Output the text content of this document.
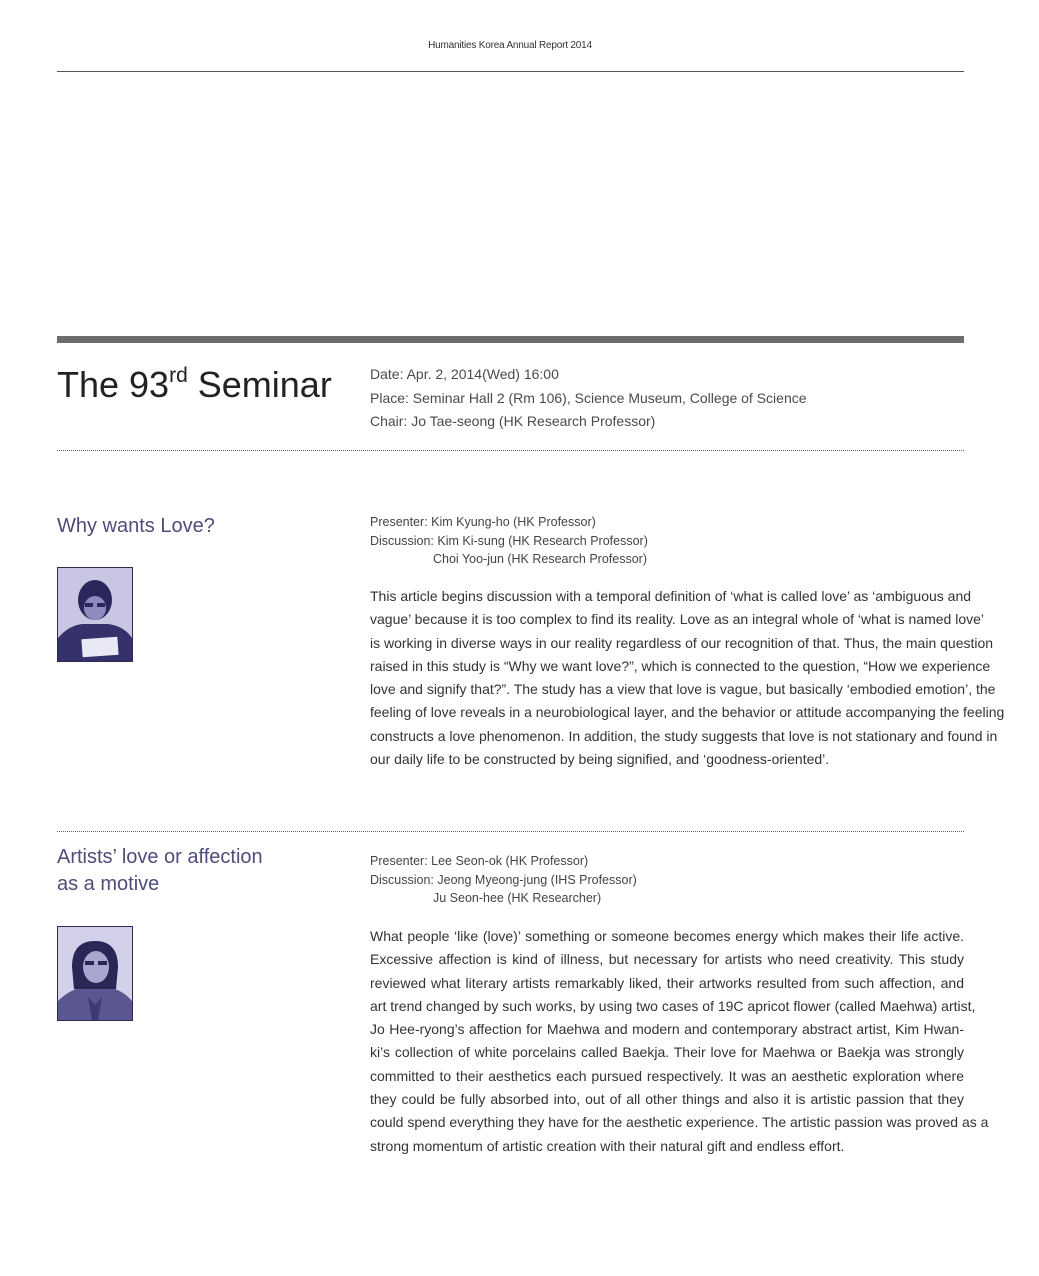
Humanities Korea Annual Report 2014
The 93rd Seminar	Date: Apr. 2, 2014(Wed) 16:00
Place: Seminar Hall 2 (Rm 106), Science Museum, College of Science
Chair: Jo Tae-seong (HK Research Professor)
Why wants Love?	Presenter: Kim Kyung-ho (HK Professor)
Discussion: Kim Ki-sung (HK Research Professor)
Choi Yoo-jun (HK Research Professor)
This article begins discussion with a temporal definition of ‘what is called love’ as ‘ambiguous and
vague’ because it is too complex to find its reality. Love as an integral whole of ‘what is named love’
is working in diverse ways in our reality regardless of our recognition of that. Thus, the main question
raised in this study is “Why we want love?”, which is connected to the question, “How we experience
love and signify that?”. The study has a view that love is vague, but basically ‘embodied emotion’, the
feeling of love reveals in a neurobiological layer, and the behavior or attitude accompanying the feeling
constructs a love phenomenon. In addition, the study suggests that love is not stationary and found in
our daily life to be constructed by being signified, and ‘goodness-oriented’.
Artists’ love or affection
as a motive
Presenter: Lee Seon-ok (HK Professor)
Discussion: Jeong Myeong-jung (IHS Professor)
Ju Seon-hee (HK Researcher)
What people ‘like (love)’ something or someone becomes energy which makes their life active.
Excessive affection is kind of illness, but necessary for artists who need creativity. This study
reviewed what literary artists remarkably liked, their artworks resulted from such affection, and
art trend changed by such works, by using two cases of 19C apricot flower (called Maehwa) artist,
Jo Hee-ryong’s affection for Maehwa and modern and contemporary abstract artist, Kim Hwan-
ki’s collection of white porcelains called Baekja. Their love for Maehwa or Baekja was strongly
committed to their aesthetics each pursued respectively. It was an aesthetic exploration where
they could be fully absorbed into, out of all other things and also it is artistic passion that they
could spend everything they have for the aesthetic experience. The artistic passion was proved as a
strong momentum of artistic creation with their natural gift and endless effort.
